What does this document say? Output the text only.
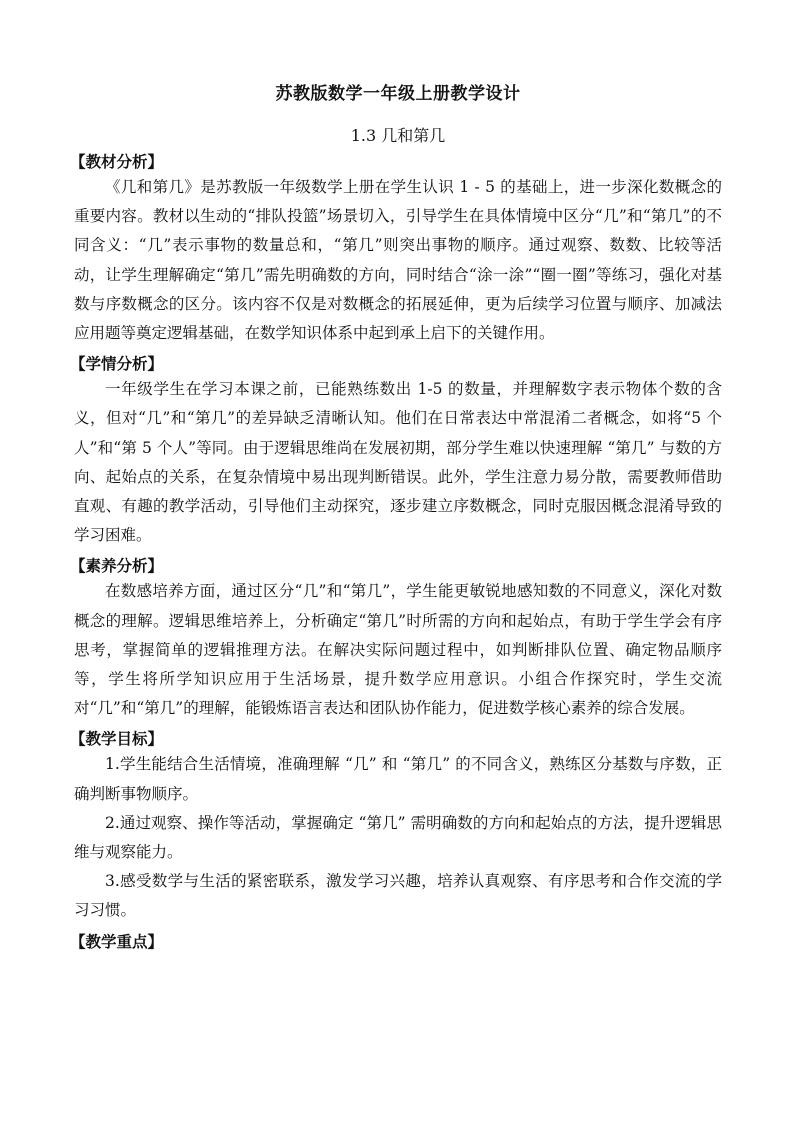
苏教版数学一年级上册教学设计
1.3 几和第几
【教材分析】

《几和第几》是苏教版一年级数学上册在学生认识 1 - 5 的基础上，进一步深化数概念的重要内容。教材以生动的“排队投篮”场景切入，引导学生在具体情境中区分“几”和“第几”的不同含义：“几”表示事物的数量总和，“第几”则突出事物的顺序。通过观察、数数、比较等活动，让学生理解确定“第几”需先明确数的方向，同时结合“涂一涂”“圈一圈”等练习，强化对基数与序数概念的区分。该内容不仅是对数概念的拓展延伸，更为后续学习位置与顺序、加减法应用题等奠定逻辑基础，在数学知识体系中起到承上启下的关键作用。

【学情分析】

一年级学生在学习本课之前，已能熟练数出 1-5 的数量，并理解数字表示物体个数的含义，但对“几”和“第几”的差异缺乏清晰认知。他们在日常表达中常混淆二者概念，如将“5 个人”和“第 5 个人”等同。由于逻辑思维尚在发展初期，部分学生难以快速理解 “第几” 与数的方向、起始点的关系，在复杂情境中易出现判断错误。此外，学生注意力易分散，需要教师借助直观、有趣的教学活动，引导他们主动探究，逐步建立序数概念，同时克服因概念混淆导致的学习困难。

【素养分析】

在数感培养方面，通过区分“几”和“第几”，学生能更敏锐地感知数的不同意义，深化对数概念的理解。逻辑思维培养上，分析确定“第几”时所需的方向和起始点，有助于学生学会有序思考，掌握简单的逻辑推理方法。在解决实际问题过程中，如判断排队位置、确定物品顺序等，学生将所学知识应用于生活场景，提升数学应用意识。小组合作探究时，学生交流对“几”和“第几”的理解，能锻炼语言表达和团队协作能力，促进数学核心素养的综合发展。

【教学目标】

1.学生能结合生活情境，准确理解 “几” 和 “第几” 的不同含义，熟练区分基数与序数，正确判断事物顺序。

2.通过观察、操作等活动，掌握确定 “第几” 需明确数的方向和起始点的方法，提升逻辑思维与观察能力。

3.感受数学与生活的紧密联系，激发学习兴趣，培养认真观察、有序思考和合作交流的学习习惯。

【教学重点】
